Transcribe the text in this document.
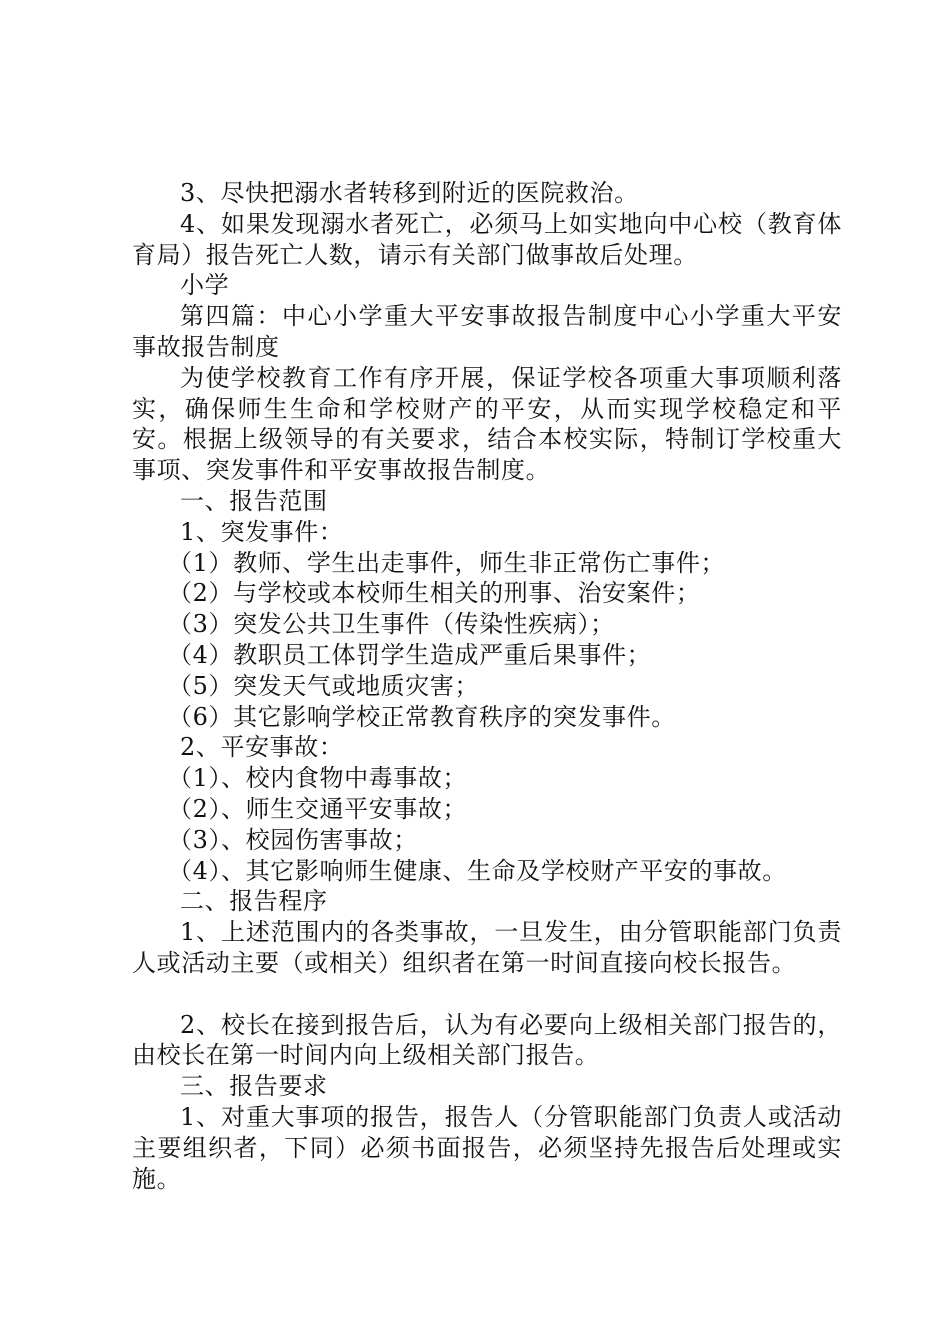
3、尽快把溺水者转移到附近的医院救治。

4、如果发现溺水者死亡，必须马上如实地向中心校（教育体育局）报告死亡人数，请示有关部门做事故后处理。

小学

第四篇：中心小学重大平安事故报告制度中心小学重大平安事故报告制度

为使学校教育工作有序开展，保证学校各项重大事项顺利落实，确保师生生命和学校财产的平安，从而实现学校稳定和平安。根据上级领导的有关要求，结合本校实际，特制订学校重大事项、突发事件和平安事故报告制度。

一、报告范围

1、突发事件：

（1）教师、学生出走事件，师生非正常伤亡事件；

（2）与学校或本校师生相关的刑事、治安案件；

（3）突发公共卫生事件（传染性疾病）；

（4）教职员工体罚学生造成严重后果事件；

（5）突发天气或地质灾害；

（6）其它影响学校正常教育秩序的突发事件。

2、平安事故：

（1）、校内食物中毒事故；

（2）、师生交通平安事故；

（3）、校园伤害事故；

（4）、其它影响师生健康、生命及学校财产平安的事故。

二、报告程序

1、上述范围内的各类事故，一旦发生，由分管职能部门负责人或活动主要（或相关）组织者在第一时间直接向校长报告。

2、校长在接到报告后，认为有必要向上级相关部门报告的，由校长在第一时间内向上级相关部门报告。

三、报告要求

1、对重大事项的报告，报告人（分管职能部门负责人或活动主要组织者，下同）必须书面报告，必须坚持先报告后处理或实施。
